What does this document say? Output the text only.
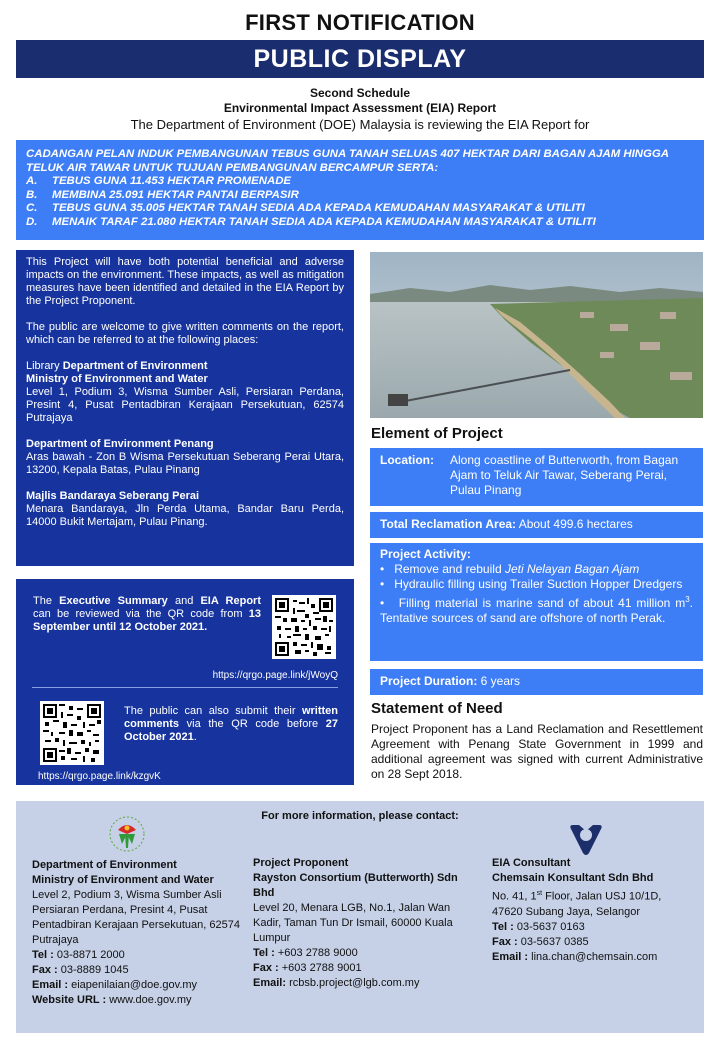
FIRST NOTIFICATION
PUBLIC DISPLAY
Second Schedule
Environmental Impact Assessment (EIA) Report
The Department of Environment (DOE) Malaysia is reviewing the EIA Report for
CADANGAN PELAN INDUK PEMBANGUNAN TEBUS GUNA TANAH SELUAS 407 HEKTAR DARI BAGAN AJAM HINGGA TELUK AIR TAWAR UNTUK TUJUAN PEMBANGUNAN BERCAMPUR SERTA:
A.	TEBUS GUNA 11.453 HEKTAR PROMENADE
B.	MEMBINA 25.091 HEKTAR PANTAI BERPASIR
C.	TEBUS GUNA 35.005 HEKTAR TANAH SEDIA ADA KEPADA KEMUDAHAN MASYARAKAT & UTILITI
D.	MENAIK TARAF 21.080 HEKTAR TANAH SEDIA ADA KEPADA KEMUDAHAN MASYARAKAT & UTILITI

This Project will have both potential beneficial and adverse impacts on the environment. These impacts, as well as mitigation measures have been identified and detailed in the EIA Report by the Project Proponent.

The public are welcome to give written comments on the report, which can be referred to at the following places:

Library Department of Environment
Ministry of Environment and Water
Level 1, Podium 3, Wisma Sumber Asli, Persiaran Perdana, Presint 4, Pusat Pentadbiran Kerajaan Persekutuan, 62574 Putrajaya

Department of Environment Penang
Aras bawah - Zon B Wisma Persekutuan Seberang Perai Utara, 13200, Kepala Batas, Pulau Pinang

Majlis Bandaraya Seberang Perai
Menara Bandaraya, Jln Perda Utama, Bandar Baru Perda, 14000 Bukit Mertajam, Pulau Pinang.

Element of Project
Location:	Along coastline of Butterworth, from Bagan Ajam to Teluk Air Tawar, Seberang Perai, Pulau Pinang
Total Reclamation Area: About 499.6 hectares
Project Activity:
• Remove and rebuild Jeti Nelayan Bagan Ajam
• Hydraulic filling using Trailer Suction Hopper Dredgers
• Filling material is marine sand of about 41 million $m^3$. Tentative sources of sand are offshore of north Perak.
Project Duration: 6 years
Statement of Need
Project Proponent has a Land Reclamation and Resettlement Agreement with Penang State Government in 1999 and additional agreement was signed with current Administrative on 28 Sept 2018.
The Executive Summary and EIA Report can be reviewed via the QR code from 13 September until 12 October 2021.
https://qrgo.page.link/jWoyQ
The public can also submit their written comments via the QR code before 27 October 2021.
https://qrgo.page.link/kzgvK
For more information, please contact:
Department of Environment
Ministry of Environment and Water
Level 2, Podium 3, Wisma Sumber Asli Persiaran Perdana, Presint 4, Pusat Pentadbiran Kerajaan Persekutuan, 62574 Putrajaya
Tel : 03-8871 2000
Fax : 03-8889 1045
Email : eiapenilaian@doe.gov.my
Website URL : www.doe.gov.my
Project Proponent
Rayston Consortium (Butterworth) Sdn Bhd
Level 20, Menara LGB, No.1, Jalan Wan Kadir, Taman Tun Dr Ismail, 60000 Kuala Lumpur
Tel : +603 2788 9000
Fax : +603 2788 9001
Email: rcbsb.project@lgb.com.my
EIA Consultant
Chemsain Konsultant Sdn Bhd
No. 41, 1st Floor, Jalan USJ 10/1D, 47620 Subang Jaya, Selangor
Tel : 03-5637 0163
Fax : 03-5637 0385
Email : lina.chan@chemsain.com
